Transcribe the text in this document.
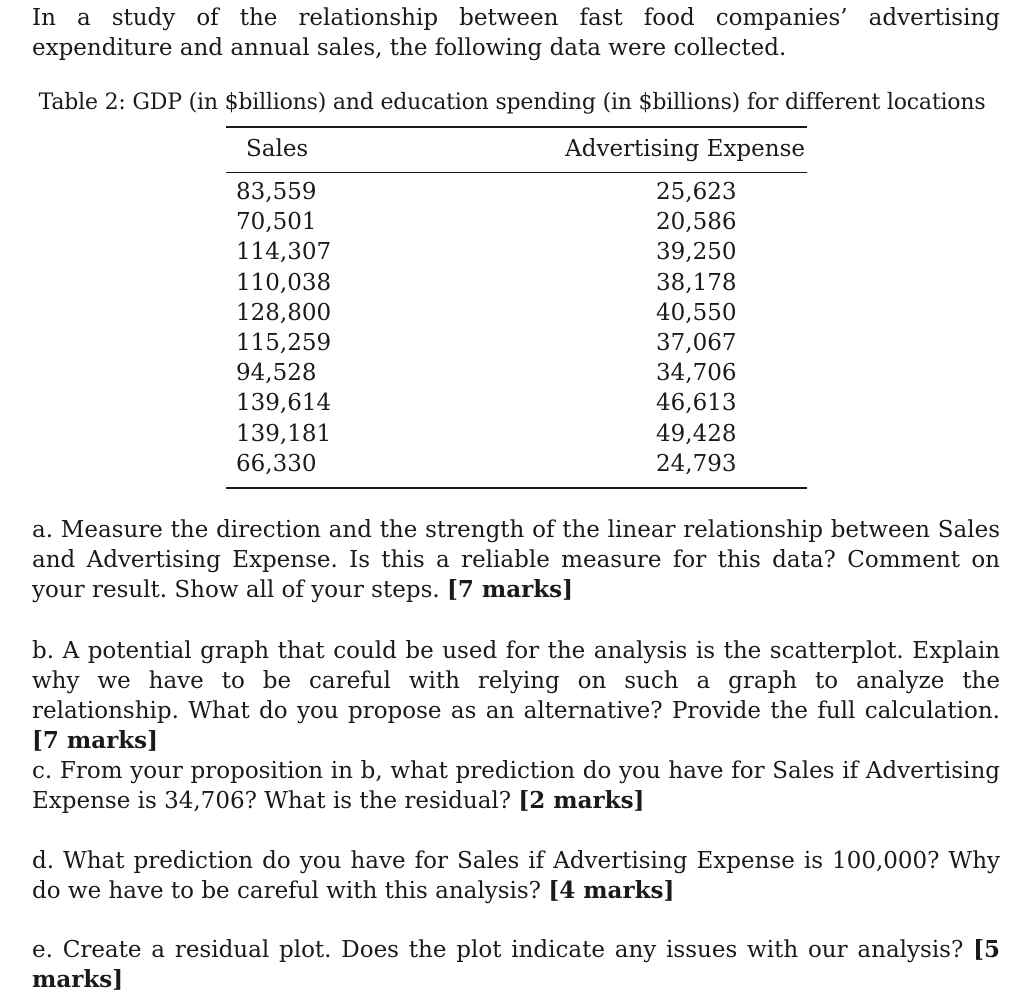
In a study of the relationship between fast food companies’ advertising expenditure and annual sales, the following data were collected.

Table 2: GDP (in $billions) and education spending (in $billions) for different locations
Sales	Advertising Expense
83,559	25,623
70,501	20,586
114,307	39,250
110,038	38,178
128,800	40,550
115,259	37,067
94,528	34,706
139,614	46,613
139,181	49,428
66,330	24,793

a. Measure the direction and the strength of the linear relationship between Sales and Advertising Expense. Is this a reliable measure for this data? Comment on your result. Show all of your steps. [7 marks]

b. A potential graph that could be used for the analysis is the scatterplot. Explain why we have to be careful with relying on such a graph to analyze the relationship. What do you propose as an alternative? Provide the full calculation. [7 marks]

c. From your proposition in b, what prediction do you have for Sales if Advertising Expense is 34,706? What is the residual? [2 marks]

d. What prediction do you have for Sales if Advertising Expense is 100,000? Why do we have to be careful with this analysis? [4 marks]

e. Create a residual plot. Does the plot indicate any issues with our analysis? [5 marks]
